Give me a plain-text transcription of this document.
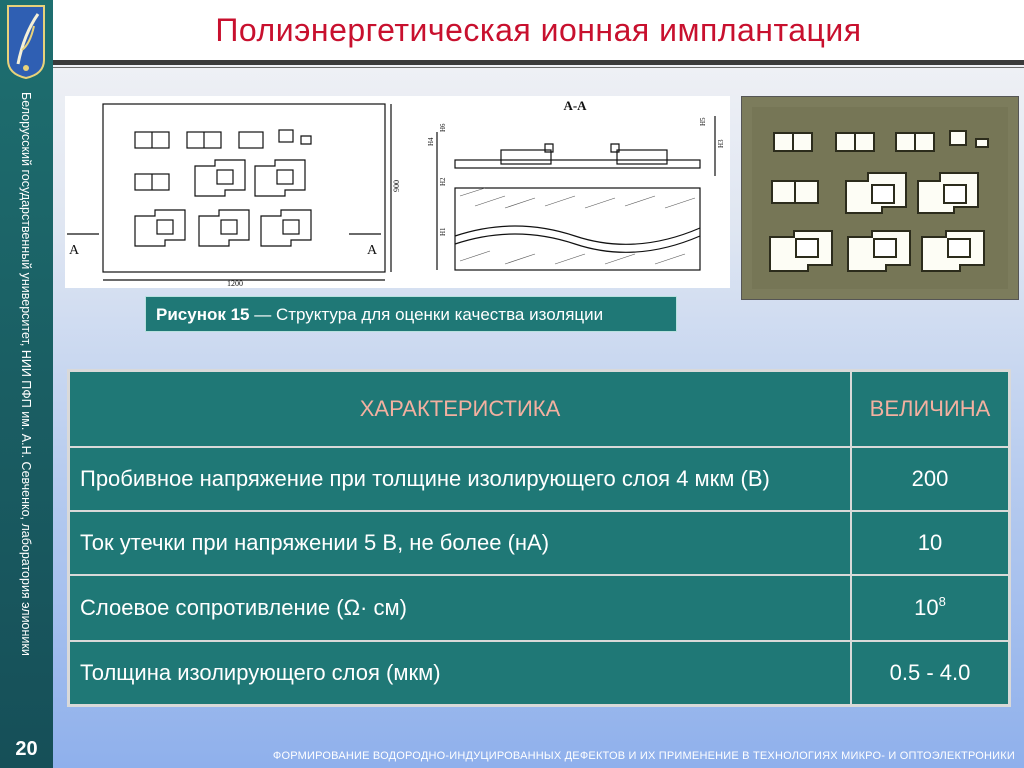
Белорусский государственный университет, НИИ ПФП им. А.Н. Севченко, лаборатория элионики
20
Полиэнергетическая ионная имплантация
А-А
А	А
1200
900
H4
H6
H2
H1
H5
H3
Рисунок 15 — Структура для оценки качества изоляции
ХАРАКТЕРИСТИКА	ВЕЛИЧИНА
Пробивное напряжение при толщине изолирующего слоя 4 мкм (В)	200
Ток утечки при напряжении 5 В, не более (нА)	10
Слоевое сопротивление (Ω· см)	$10^8$
Толщина изолирующего слоя (мкм)	0.5 - 4.0
ФОРМИРОВАНИЕ ВОДОРОДНО-ИНДУЦИРОВАННЫХ ДЕФЕКТОВ И ИХ ПРИМЕНЕНИЕ В ТЕХНОЛОГИЯХ МИКРО- И ОПТОЭЛЕКТРОНИКИ
